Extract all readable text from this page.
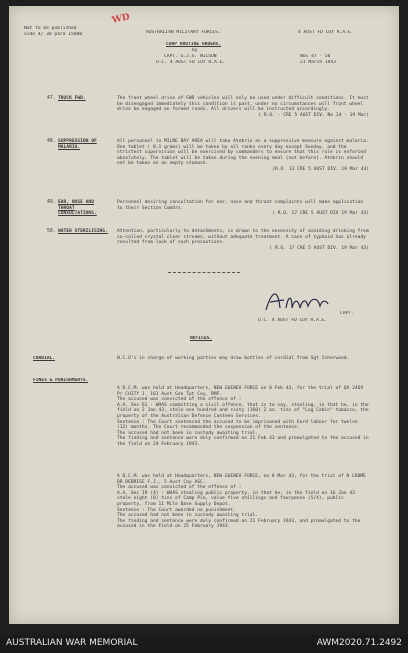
Not to be published
vide 4/ 30 para 1588B
WD
AUSTRALIAN MILITARY FORCES.	4 AUST FD COY R.A.E.
CORP ROUTINE ORDERS.
by
CAPT. G.J.S. WILSON
O.C. 4 AUST FD COY R.A.E.
Nos 47 - 50
21 March 1943
47. TRUCK FWD.	The front wheel drive of FWD vehicles will only be used under difficult conditions. It must be disengaged immediately this condition is past, under no circumstances will front wheel drive be engaged on formed roads. All drivers will be instructed accordingly.
( R.O. - CRE 5 AUST DIV. No 14 - 19 Mar)
48. SUPPRESSION OF MALARIA.
All personnel in MILNE BAY AREA will take Atebrin as a suppressive measure against malaria. One tablet ( 0.1 grams) will be taken by all ranks every day except Sunday, and the strictest supervision will be exercised by commanders to ensure that this rule is enforced absolutely. The tablet will be taken during the evening meal (not before). Atebrin should not be taken on an empty stomach.
(R.O. 13 CRE 5 AUST DIV. 19 Mar 43)
49. EAR, NOSE AND THROAT CONSULTATIONS.
Personnel desiring consultation for ear, nose and throat complaints will make application to their Section Comdrs.
( R.O. 17 CRE 5 AUST DIV 19 Mar 43)
50. WATER STERILISING.	Attention, particularly to detachments, is drawn to the necessity of avoiding drinking from so-called crystal clear streams, without adequate treatment. A case of typhoid has already resulted from lack of such precautions.
( R.O. 17 CRE 5 AUST DIV. 19 Mar 43)
CAPT.
O.C. 4 AUST FD COY R.A.E.
NOTICES.
CORDIAL.	N.C.O's in charge of working parties may draw bottles of cordial from Sgt Isherwood.
FINES & PUNISHMENTS.
A D.C.M. was held at Headquarters, NEW GUINEA FORCE on 8 Feb 43, for the trial of QX 2469 Pr CHITY J. 161 Aust Gen Tpt Coy, RMF.
The accused was convicted of the offence of :
A.A. Sec 61 : WHAS committing a civil offence, that is to say, stealing, in that he, in the field on 2 Jan 43, stole one hundred and sixty (160) 2 oz. tins of "Log Cabin" tobacco, the property of the Australian Defence Canteen Services.
Sentence : The Court sentenced the accused to be imprisoned with hard labour for twelve (12) months. The Court recommended the suspension of the sentence.
The accused had not been in custody awaiting trial.
The finding and sentence were duly confirmed on 21 Feb 43 and promulgated to the accused in the field on 24 February 1943.
A D.C.M. was held at Headquarters, NEW GUINEA FORCE, on 8 Mar 43, for the trial of N LROME DR DEBRISE F.J., 5 Aust Coy ASC.
The accused was convicted of the offence of :
A.A. Sec 19 (4) : WHAS stealing public property, in that he, in the field on 16 Jan 43 stole eight (8) tins of Camp Pie, value five shillings and fourpence (5/4), public property, from 11 Mile Base Supply Depot.
Sentence : The Court awarded no punishment.
The accused had not been in custody awaiting trial.
The finding and sentence were duly confirmed on 21 February 1943, and promulgated to the accused in the Field on 25 February 1943.
AUSTRALIAN WAR MEMORIAL	AWM2020.71.2492
